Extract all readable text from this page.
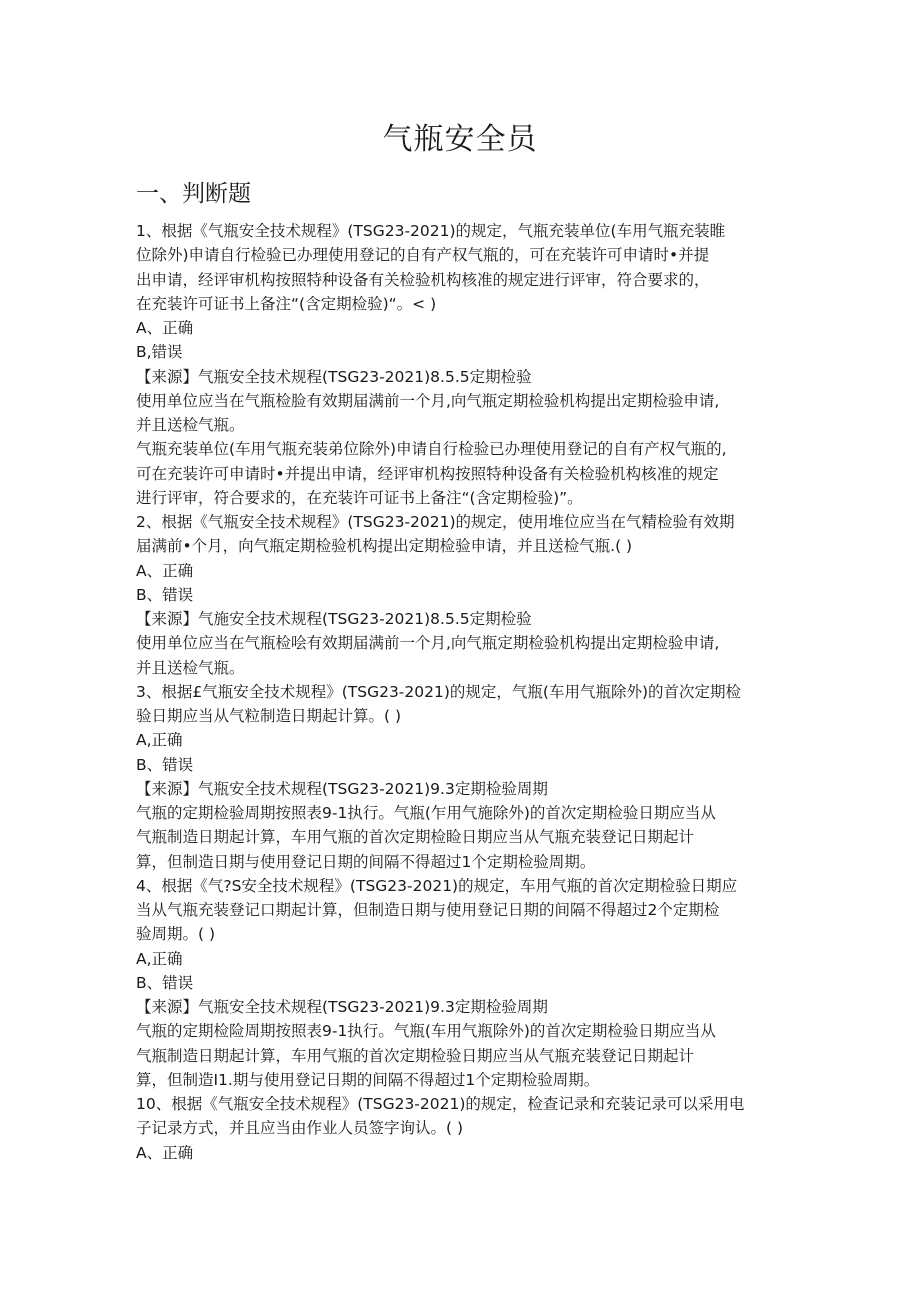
气瓶安全员
一、判断题
1、根据《气瓶安全技术规程》(TSG23-2021)的规定，气瓶充装单位(车用气瓶充装睢
位除外)申请自行检验已办理使用登记的自有产权气瓶的，可在充装许可申请时•并提
出申请，经评审机构按照特种设备有关检验机构核准的规定进行评审，符合要求的，
在充装许可证书上备注“(含定期检验)“。< )
A、正确
B,错误
【来源】气瓶安全技术规程(TSG23-2021)8.5.5定期检验
使用单位应当在气瓶检脸有效期届满前一个月,向气瓶定期检验机构提出定期检验申请,
并且送检气瓶。
气瓶充装单位(车用气瓶充装弟位除外)申请自行检验已办理使用登记的自有产权气瓶的,
可在充装许可申请时•并提出申请，经评审机构按照特种设备有关检验机构核准的规定
进行评审，符合要求的，在充装许可证书上备注“(含定期检验)”。
2、根据《气瓶安全技术规程》(TSG23-2021)的规定，使用堆位应当在气精检验有效期
届满前•个月，向气瓶定期检验机构提出定期检验申请，并且送检气瓶.( )
A、正确
B、错误
【来源】气施安全技术规程(TSG23-2021)8.5.5定期检验
使用单位应当在气瓶检哙有效期届满前一个月,向气瓶定期检验机构提出定期检验申请,
并且送检气瓶。
3、根据£气瓶安全技术规程》(TSG23-2021)的规定，气瓶(车用气瓶除外)的首次定期检
验日期应当从气粒制造日期起计算。( )
A,正确
B、错误
【来源】气瓶安全技术规程(TSG23-2021)9.3定期检验周期
气瓶的定期检验周期按照表9-1执行。气瓶(乍用气施除外)的首次定期检验日期应当从
气瓶制造日期起计算，车用气瓶的首次定期检睑日期应当从气瓶充装登记日期起计
算，但制造日期与使用登记日期的间隔不得超过1个定期检验周期。
4、根据《气?S安全技术规程》(TSG23-2021)的规定，车用气瓶的首次定期检验日期应
当从气瓶充装登记口期起计算，但制造日期与使用登记日期的间隔不得超过2个定期检
验周期。( )
A,正确
B、错误
【来源】气瓶安全技术规程(TSG23-2021)9.3定期检验周期
气瓶的定期检险周期按照表9-1执行。气瓶(车用气瓶除外)的首次定期检验日期应当从
气瓶制造日期起计算，车用气瓶的首次定期检验日期应当从气瓶充装登记日期起计
算，但制造I1.期与使用登记日期的间隔不得超过1个定期检验周期。
10、根据《气瓶安全技术规程》(TSG23-2021)的规定，检查记录和充装记录可以采用电
子记录方式，并且应当由作业人员签字询认。( )
A、正确
